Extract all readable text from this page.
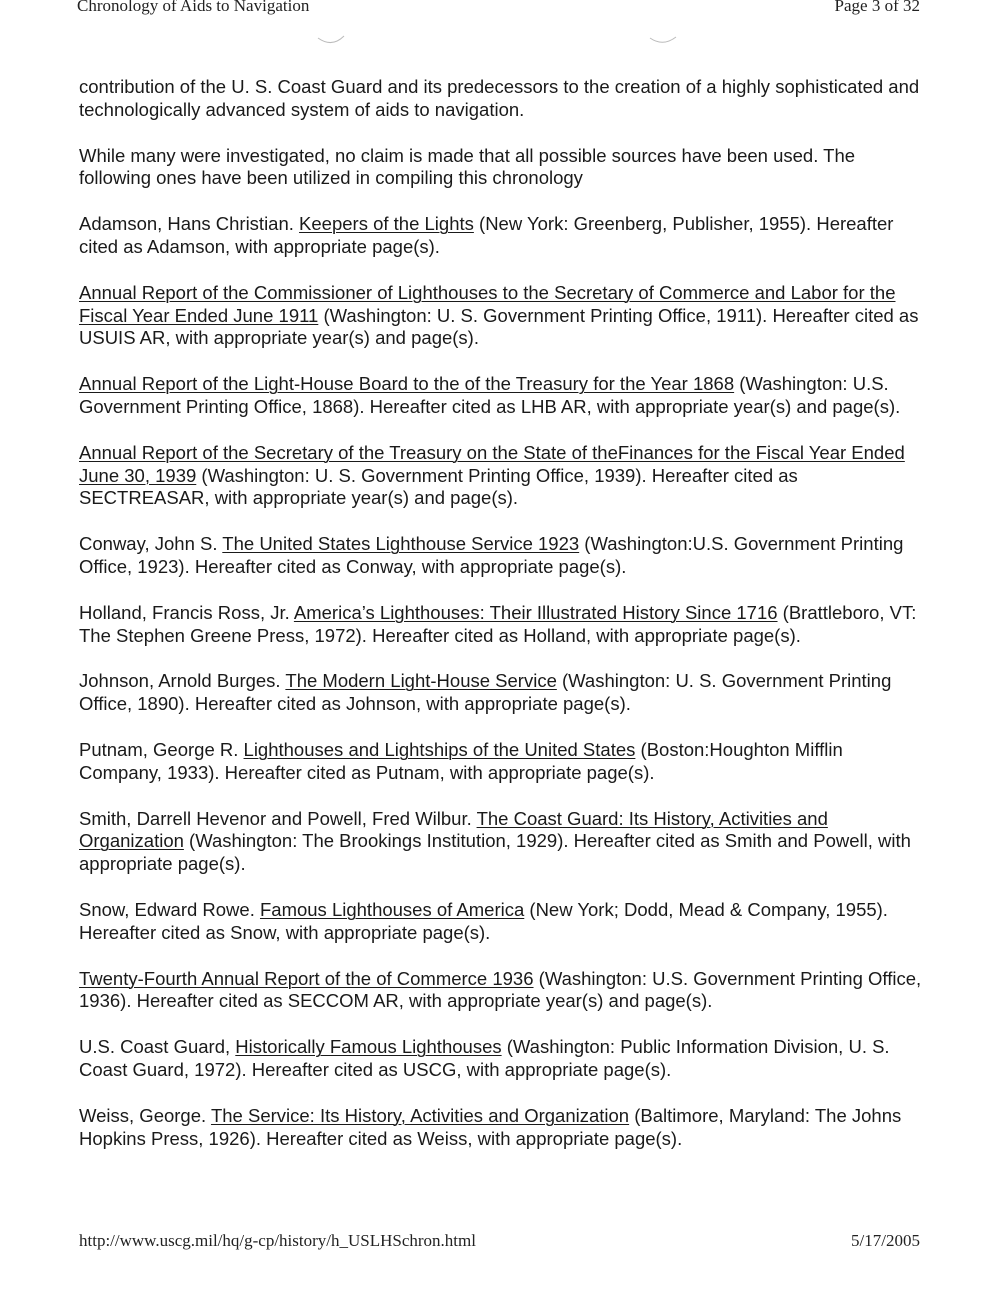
Chronology of Aids to Navigation	Page 3 of 32

contribution of the U. S. Coast Guard and its predecessors to the creation of a highly sophisticated and technologically advanced system of aids to navigation.

While many were investigated, no claim is made that all possible sources have been used. The following ones have been utilized in compiling this chronology

Adamson, Hans Christian. Keepers of the Lights (New York: Greenberg, Publisher, 1955). Hereafter cited as Adamson, with appropriate page(s).

Annual Report of the Commissioner of Lighthouses to the Secretary of Commerce and Labor for the Fiscal Year Ended June 1911 (Washington: U. S. Government Printing Office, 1911). Hereafter cited as USUIS AR, with appropriate year(s) and page(s).

Annual Report of the Light-House Board to the of the Treasury for the Year 1868 (Washington: U.S. Government Printing Office, 1868). Hereafter cited as LHB AR, with appropriate year(s) and page(s).

Annual Report of the Secretary of the Treasury on the State of theFinances for the Fiscal Year Ended June 30, 1939 (Washington: U. S. Government Printing Office, 1939). Hereafter cited as SECTREASAR, with appropriate year(s) and page(s).

Conway, John S. The United States Lighthouse Service 1923 (Washington:U.S. Government Printing Office, 1923). Hereafter cited as Conway, with appropriate page(s).

Holland, Francis Ross, Jr. America’s Lighthouses: Their Illustrated History Since 1716 (Brattleboro, VT: The Stephen Greene Press, 1972). Hereafter cited as Holland, with appropriate page(s).

Johnson, Arnold Burges. The Modern Light-House Service (Washington: U. S. Government Printing Office, 1890). Hereafter cited as Johnson, with appropriate page(s).

Putnam, George R. Lighthouses and Lightships of the United States (Boston:Houghton Mifflin Company, 1933). Hereafter cited as Putnam, with appropriate page(s).

Smith, Darrell Hevenor and Powell, Fred Wilbur. The Coast Guard: Its History, Activities and Organization (Washington: The Brookings Institution, 1929). Hereafter cited as Smith and Powell, with appropriate page(s).

Snow, Edward Rowe. Famous Lighthouses of America (New York; Dodd, Mead & Company, 1955). Hereafter cited as Snow, with appropriate page(s).

Twenty-Fourth Annual Report of the of Commerce 1936 (Washington: U.S. Government Printing Office, 1936). Hereafter cited as SECCOM AR, with appropriate year(s) and page(s).

U.S. Coast Guard, Historically Famous Lighthouses (Washington: Public Information Division, U. S. Coast Guard, 1972). Hereafter cited as USCG, with appropriate page(s).

Weiss, George. The Service: Its History, Activities and Organization (Baltimore, Maryland: The Johns Hopkins Press, 1926). Hereafter cited as Weiss, with appropriate page(s).

http://www.uscg.mil/hq/g-cp/history/h_USLHSchron.html	5/17/2005
